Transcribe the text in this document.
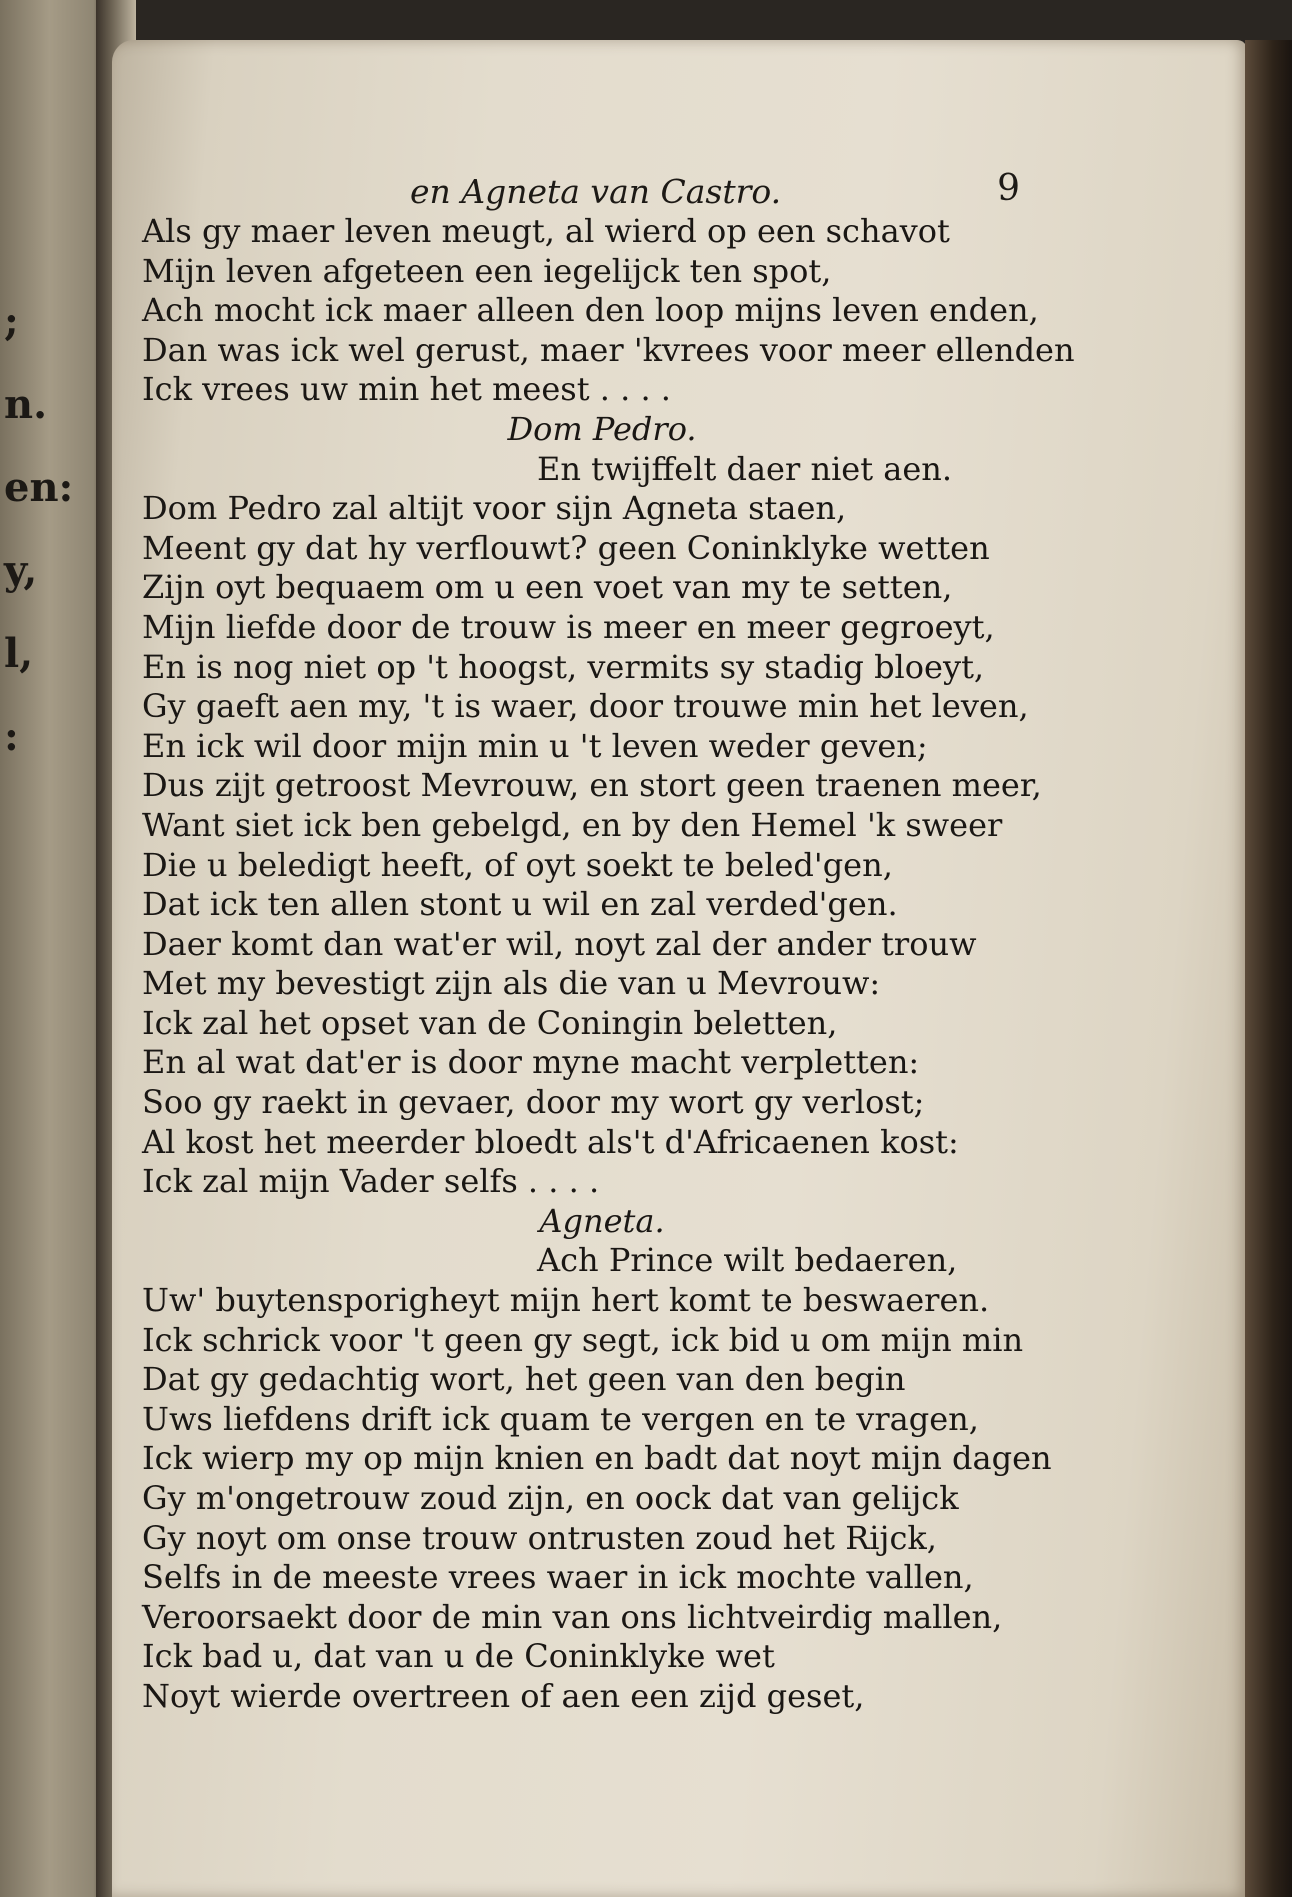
;
n.
en:
y,
l,
:
en Agneta van Castro.	9
Als gy maer leven meugt, al wierd op een schavot
Mijn leven afgeteen een iegelijck ten spot,
Ach mocht ick maer alleen den loop mijns leven enden,
Dan was ick wel gerust, maer 'kvrees voor meer ellenden
Ick vrees uw min het meest . . . .
Dom Pedro.
En twijffelt daer niet aen.
Dom Pedro zal altijt voor sijn Agneta staen,
Meent gy dat hy verflouwt? geen Coninklyke wetten
Zijn oyt bequaem om u een voet van my te setten,
Mijn liefde door de trouw is meer en meer gegroeyt,
En is nog niet op 't hoogst, vermits sy stadig bloeyt,
Gy gaeft aen my, 't is waer, door trouwe min het leven,
En ick wil door mijn min u 't leven weder geven;
Dus zijt getroost Mevrouw, en stort geen traenen meer,
Want siet ick ben gebelgd, en by den Hemel 'k sweer
Die u beledigt heeft, of oyt soekt te beled'gen,
Dat ick ten allen stont u wil en zal verded'gen.
Daer komt dan wat'er wil, noyt zal der ander trouw
Met my bevestigt zijn als die van u Mevrouw:
Ick zal het opset van de Coningin beletten,
En al wat dat'er is door myne macht verpletten:
Soo gy raekt in gevaer, door my wort gy verlost;
Al kost het meerder bloedt als't d'Africaenen kost:
Ick zal mijn Vader selfs . . . .
Agneta.
Ach Prince wilt bedaeren,
Uw' buytensporigheyt mijn hert komt te beswaeren.
Ick schrick voor 't geen gy segt, ick bid u om mijn min
Dat gy gedachtig wort, het geen van den begin
Uws liefdens drift ick quam te vergen en te vragen,
Ick wierp my op mijn knien en badt dat noyt mijn dagen
Gy m'ongetrouw zoud zijn, en oock dat van gelijck
Gy noyt om onse trouw ontrusten zoud het Rijck,
Selfs in de meeste vrees waer in ick mochte vallen,
Veroorsaekt door de min van ons lichtveirdig mallen,
Ick bad u, dat van u de Coninklyke wet
Noyt wierde overtreen of aen een zijd geset,
